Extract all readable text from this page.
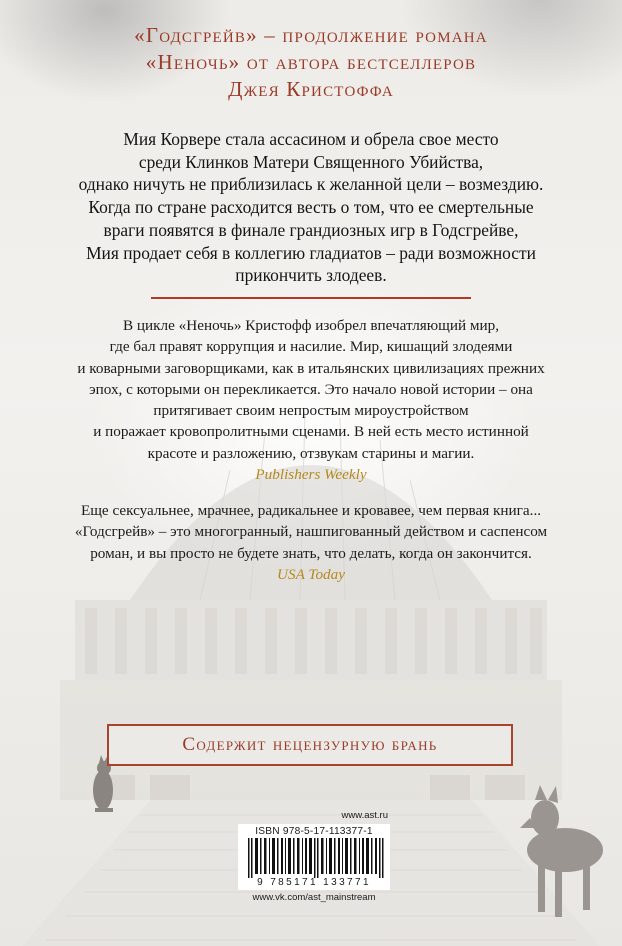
«Годсгрейв» – продолжение романа
«Неночь» от автора бестселлеров
Джея Кристоффа
Мия Корвере стала ассасином и обрела свое место
среди Клинков Матери Священного Убийства,
однако ничуть не приблизилась к желанной цели – возмездию.
Когда по стране расходится весть о том, что ее смертельные
враги появятся в финале грандиозных игр в Годсгрейве,
Мия продает себя в коллегию гладиатов – ради возможности
прикончить злодеев.
В цикле «Неночь» Кристофф изобрел впечатляющий мир,
где бал правят коррупция и насилие. Мир, кишащий злодеями
и коварными заговорщиками, как в итальянских цивилизациях прежних
эпох, с которыми он перекликается. Это начало новой истории – она
притягивает своим непростым мироустройством
и поражает кровопролитными сценами. В ней есть место истинной
красоте и разложению, отзвукам старины и магии.
Publishers Weekly
Еще сексуальнее, мрачнее, радикальнее и кровавее, чем первая книга...
«Годсгрейв» – это многогранный, нашпигованный действом и саспенсом
роман, и вы просто не будете знать, что делать, когда он закончится.
USA Today
Содержит нецензурную брань
www.ast.ru
ISBN 978-5-17-113377-1
9 785171 133771
www.vk.com/ast_mainstream
